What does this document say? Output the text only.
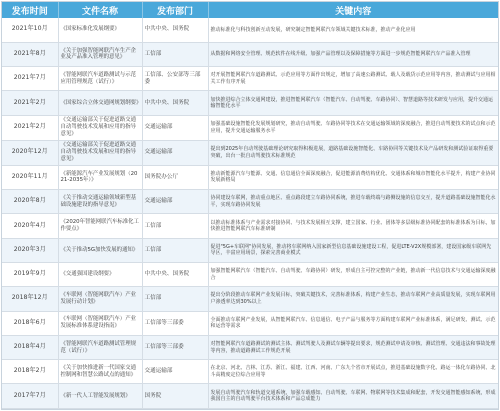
发布时间	文件名称	发布部门	关键内容
2021年10月	《国家标准化发展纲要》	中共中央、国务院	推动标准化与科技创新互动发展，研究制定智能网联汽车领域关键技术标准，推动产业化应用
2021年8月	《关于加强智能网联汽车生产企业及产品准入管理的意见》	工信部	从数据和网络安全管理、规范软件在线升级、加强产品管理以及保障措施等方面进一步规范智能网联汽车产品准入管理
2021年7月	《智能网联汽车道路测试与示范应用管理规范（试行）》	工信部、公安部等三部委	对开展智能网联汽车道路测试、示范应用等方面作出规定，增加了高速公路测试、载人及载货示范应用等内容，推动测试与应用相关工作有序开展
2021年2月	《国家综合立体交通网规划纲要》	中共中央、国务院	加快推进综合立体交通网建设，推进智能网联汽车（智能汽车、自动驾驶、车路协同）、智慧道路等技术研发与应用，提升交通运输智能化水平
2021年2月	《交通运输部关于促进道路交通自动驾驶技术发展和应用的指导意见》	交通运输部	加强基础设施智能化发展规划研究，推动自动驾驶、车路协同等技术在交通运输领域的深度融合，推进自动驾驶技术的试点和示范应用，提升交通运输服务水平
2020年12月	《交通运输部关于促进道路交通自动驾驶技术发展和应用的指导意见》	交通运输部	提出到2025年自动驾驶基础理论研究取得积极进展，道路基础设施智能化、车路协同等关键技术及产品研发和测试验证取得重要突破，出台一批自动驾驶技术标准规范
2020年11月	《新能源汽车产业发展规划（2021-2035年）》	国务院办公厅	推动新能源汽车与能源、交通、信息通信全面深度融合，促进能源消费结构优化、交通体系和城市智能化水平提升，构建产业协同发展新格局
2020年8月	《关于推动交通运输领域新型基础设施建设的指导意见》	交通运输部	协同建设车联网，推动重点地区、重点路段建立车路协同系统，推进车载终端与路侧设施的信息交互，提升道路基础设施智能化水平，实现车路协同发展
2020年4月	《2020年智能网联汽车标准化工作要点》	工信部	以推动标准体系与产业需求对接协同、与技术发展相互支撑，建立国家、行业、团体等多层级标准协同配套的标准体系为目标，加快推进智能网联汽车标准研制
2020年3月	《关于推动5G加快发展的通知》	工信部	促进"5G+车联网"协同发展，推动将车联网纳入国家新型信息基础设施建设工程，促进LTE-V2X规模部署，建设国家级车联网先导区，丰富应用场景，探索完善商业模式
2019年9月	《交通强国建设纲要》	中共中央、国务院	加强智能网联汽车（智能汽车、自动驾驶、车路协同）研发，形成自主可控完整的产业链，推动新一代信息技术与交通运输深度融合
2018年12月	《车联网（智能网联汽车）产业发展行动计划》	工信部	提出分阶段推动车联网产业发展目标，突破关键技术，完善标准体系，构建产业生态，推动车联网产业高质量发展，实现车联网用户渗透率达到30%以上
2018年6月	《车联网（智能网联汽车）产业发展标准体系建设指南》	工信部等三部委	全面推动车联网产业发展，从智能网联汽车、信息通信、电子产品与服务等方面构建车联网产业标准体系，满足研发、测试、示范和运营等需求
2018年4月	《智能网联汽车道路测试管理规范（试行）》	工信部等三部委	对智能网联汽车道路测试的测试主体、测试驾驶人及测试车辆等提出要求，规范测试申请及审核、测试管理、交通违法和事故处理等内容，推动道路测试工作规范开展
2018年2月	《关于加快推进新一代国家交通控制网和智慧公路试点的通知》	交通运输部	在北京、河北、吉林、江苏、浙江、福建、江西、河南、广东九个省市开展试点，推进基础设施数字化、路运一体化车路协同、北斗高精度定位综合应用等
2017年7月	《新一代人工智能发展规划》	国务院	发展自动驾驶汽车和轨道交通系统，加强车载感知、自动驾驶、车联网、物联网等技术集成和配套，开发交通智能感知系统，形成我国自主的自动驾驶平台技术体系和产品总成能力
